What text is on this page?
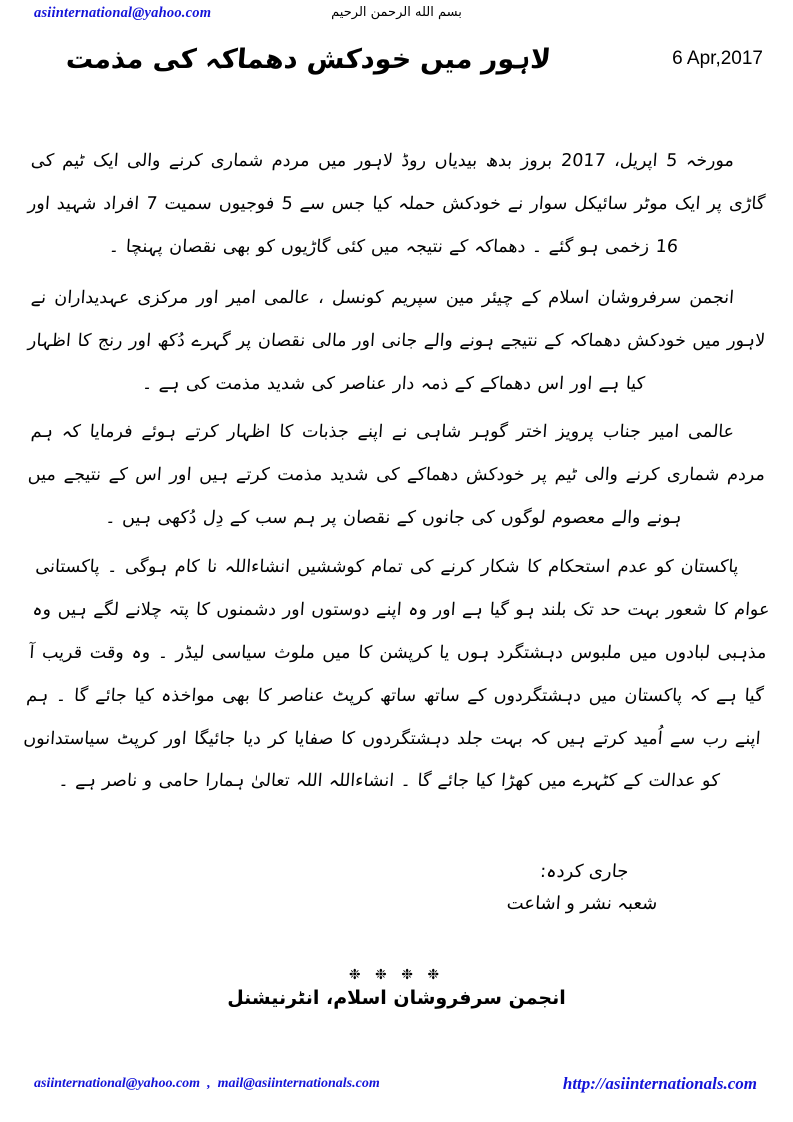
asiinternational@yahoo.com	بسم الله الرحمن الرحيم
لاہور میں خودکش دھماکہ کی مذمت	6 Apr,2017

مورخہ 5 اپریل، 2017 بروز بدھ بیدیاں روڈ لاہور میں مردم شماری کرنے والی ایک ٹیم کی گاڑی پر ایک موٹر سائیکل سوار نے خودکش حملہ کیا جس سے 5 فوجیوں سمیت 7 افراد شہید اور 16 زخمی ہو گئے ۔ دھماکہ کے نتیجہ میں کئی گاڑیوں کو بھی نقصان پہنچا ۔

انجمن سرفروشان اسلام کے چیئر مین سپریم کونسل ، عالمی امیر اور مرکزی عہدیداران نے لاہور میں خودکش دھماکہ کے نتیجے ہونے والے جانی اور مالی نقصان پر گہرے دُکھ اور رنج کا اظہار کیا ہے اور اس دھماکے کے ذمہ دار عناصر کی شدید مذمت کی ہے ۔

عالمی امیر جناب پرویز اختر گوہر شاہی نے اپنے جذبات کا اظہار کرتے ہوئے فرمایا کہ ہم مردم شماری کرنے والی ٹیم پر خودکش دھماکے کی شدید مذمت کرتے ہیں اور اس کے نتیجے میں ہونے والے معصوم لوگوں کی جانوں کے نقصان پر ہم سب کے دِل دُکھی ہیں ۔

پاکستان کو عدم استحکام کا شکار کرنے کی تمام کوششیں انشاءاللہ نا کام ہوگی ۔ پاکستانی عوام کا شعور بہت حد تک بلند ہو گیا ہے اور وہ اپنے دوستوں اور دشمنوں کا پتہ چلانے لگے ہیں وہ مذہبی لبادوں میں ملبوس دہشتگرد ہوں یا کرپشن کا میں ملوث سیاسی لیڈر ۔ وہ وقت قریب آ گیا ہے کہ پاکستان میں دہشتگردوں کے ساتھ ساتھ کرپٹ عناصر کا بھی مواخذہ کیا جائے گا ۔ ہم اپنے رب سے اُمید کرتے ہیں کہ بہت جلد دہشتگردوں کا صفایا کر دیا جائیگا اور کرپٹ سیاستدانوں کو عدالت کے کٹہرے میں کھڑا کیا جائے گا ۔ انشاءاللہ اللہ تعالیٰ ہمارا حامی و ناصر ہے ۔

جاری کردہ:
شعبہ نشر و اشاعت
❉ ❉ ❉ ❉
انجمن سرفروشان اسلام، انٹرنیشنل
asiinternational@yahoo.com , mail@asiinternationals.com	http://asiinternationals.com
